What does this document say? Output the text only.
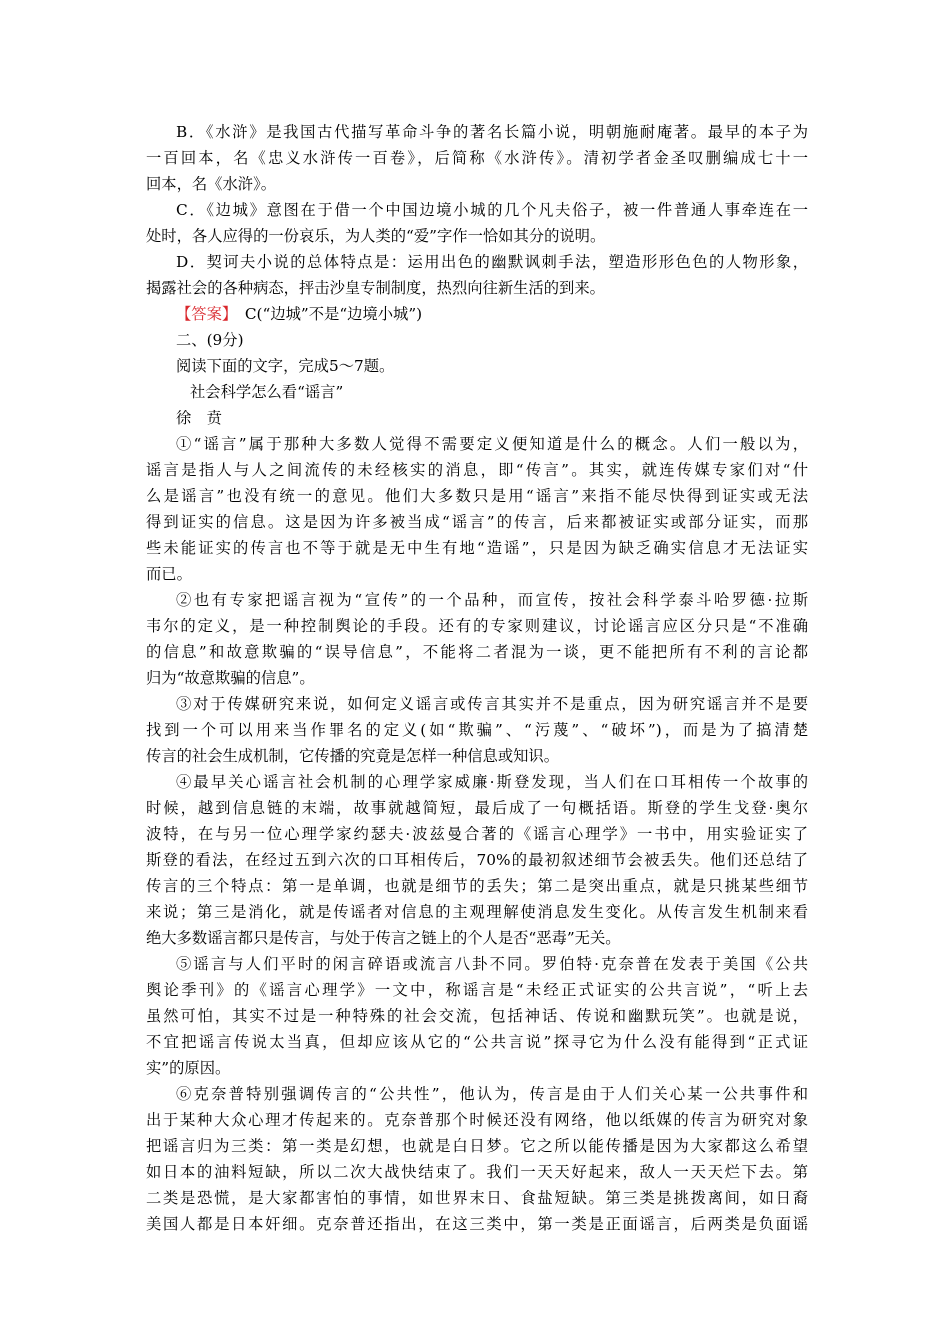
B．《水浒》是我国古代描写革命斗争的著名长篇小说，明朝施耐庵著。最早的本子为
一百回本，名《忠义水浒传一百卷》，后简称《水浒传》。清初学者金圣叹删编成七十一
回本，名《水浒》。
C．《边城》意图在于借一个中国边境小城的几个凡夫俗子，被一件普通人事牵连在一
处时，各人应得的一份哀乐，为人类的“爱”字作一恰如其分的说明。
D．契诃夫小说的总体特点是：运用出色的幽默讽刺手法，塑造形形色色的人物形象，
揭露社会的各种病态，抨击沙皇专制制度，热烈向往新生活的到来。
【答案】　C(“边城”不是“边境小城”)
二、(9分)
阅读下面的文字，完成5～7题。
社会科学怎么看“谣言”
徐　贲
①“谣言”属于那种大多数人觉得不需要定义便知道是什么的概念。人们一般以为，
谣言是指人与人之间流传的未经核实的消息，即“传言”。其实，就连传媒专家们对“什
么是谣言”也没有统一的意见。他们大多数只是用“谣言”来指不能尽快得到证实或无法
得到证实的信息。这是因为许多被当成“谣言”的传言，后来都被证实或部分证实，而那
些未能证实的传言也不等于就是无中生有地“造谣”，只是因为缺乏确实信息才无法证实
而已。
②也有专家把谣言视为“宣传”的一个品种，而宣传，按社会科学泰斗哈罗德·拉斯
韦尔的定义，是一种控制舆论的手段。还有的专家则建议，讨论谣言应区分只是“不准确
的信息”和故意欺骗的“误导信息”，不能将二者混为一谈，更不能把所有不利的言论都
归为“故意欺骗的信息”。
③对于传媒研究来说，如何定义谣言或传言其实并不是重点，因为研究谣言并不是要
找到一个可以用来当作罪名的定义(如“欺骗”、“污蔑”、“破坏”)，而是为了搞清楚
传言的社会生成机制，它传播的究竟是怎样一种信息或知识。
④最早关心谣言社会机制的心理学家威廉·斯登发现，当人们在口耳相传一个故事的
时候，越到信息链的末端，故事就越简短，最后成了一句概括语。斯登的学生戈登·奥尔
波特，在与另一位心理学家约瑟夫·波兹曼合著的《谣言心理学》一书中，用实验证实了
斯登的看法，在经过五到六次的口耳相传后，70%的最初叙述细节会被丢失。他们还总结了
传言的三个特点：第一是单调，也就是细节的丢失；第二是突出重点，就是只挑某些细节
来说；第三是消化，就是传谣者对信息的主观理解使消息发生变化。从传言发生机制来看
绝大多数谣言都只是传言，与处于传言之链上的个人是否“恶毒”无关。
⑤谣言与人们平时的闲言碎语或流言八卦不同。罗伯特·克奈普在发表于美国《公共
舆论季刊》的《谣言心理学》一文中，称谣言是“未经正式证实的公共言说”，“听上去
虽然可怕，其实不过是一种特殊的社会交流，包括神话、传说和幽默玩笑”。也就是说，
不宜把谣言传说太当真，但却应该从它的“公共言说”探寻它为什么没有能得到“正式证
实”的原因。
⑥克奈普特别强调传言的“公共性”，他认为，传言是由于人们关心某一公共事件和
出于某种大众心理才传起来的。克奈普那个时候还没有网络，他以纸媒的传言为研究对象
把谣言归为三类：第一类是幻想，也就是白日梦。它之所以能传播是因为大家都这么希望
如日本的油料短缺，所以二次大战快结束了。我们一天天好起来，敌人一天天烂下去。第
二类是恐慌，是大家都害怕的事情，如世界末日、食盐短缺。第三类是挑拨离间，如日裔
美国人都是日本奸细。克奈普还指出，在这三类中，第一类是正面谣言，后两类是负面谣
